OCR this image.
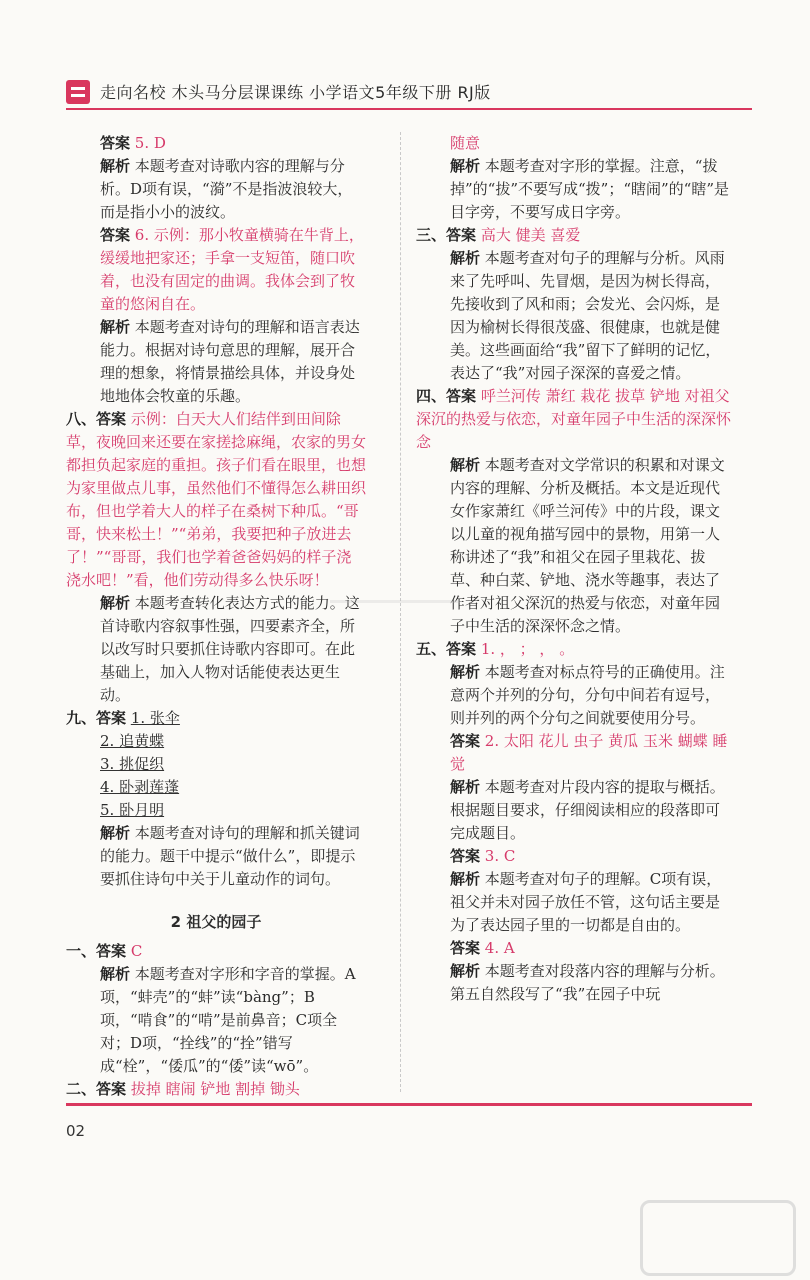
走向名校 木头马分层课课练 小学语文5年级下册 RJ版

答案 5. D

解析 本题考查对诗歌内容的理解与分析。D项有误，“漪”不是指波浪较大，而是指小小的波纹。

答案 6. 示例：那小牧童横骑在牛背上，缓缓地把家还；手拿一支短笛，随口吹着，也没有固定的曲调。我体会到了牧童的悠闲自在。

解析 本题考查对诗句的理解和语言表达能力。根据对诗句意思的理解，展开合理的想象，将情景描绘具体，并设身处地地体会牧童的乐趣。

八、答案 示例：白天大人们结伴到田间除草，夜晚回来还要在家搓捻麻绳，农家的男女都担负起家庭的重担。孩子们看在眼里，也想为家里做点儿事，虽然他们不懂得怎么耕田织布，但也学着大人的样子在桑树下种瓜。“哥哥，快来松土！”“弟弟，我要把种子放进去了！”“哥哥，我们也学着爸爸妈妈的样子浇浇水吧！”看，他们劳动得多么快乐呀！

解析 本题考查转化表达方式的能力。这首诗歌内容叙事性强，四要素齐全，所以改写时只要抓住诗歌内容即可。在此基础上，加入人物对话能使表达更生动。

九、答案 1. 张伞

2. 追黄蝶

3. 挑促织

4. 卧剥莲蓬

5. 卧月明

解析 本题考查对诗句的理解和抓关键词的能力。题干中提示“做什么”，即提示要抓住诗句中关于儿童动作的词句。

2 祖父的园子

一、答案 C

解析 本题考查对字形和字音的掌握。A项，“蚌壳”的“蚌”读“bàng”；B项，“啃食”的“啃”是前鼻音；C项全对；D项，“拴线”的“拴”错写成“栓”，“倭瓜”的“倭”读“wō”。

二、答案 拔掉 瞎闹 铲地 割掉 锄头

随意

解析 本题考查对字形的掌握。注意，“拔掉”的“拔”不要写成“拨”；“瞎闹”的“瞎”是目字旁，不要写成日字旁。

三、答案 高大 健美 喜爱

解析 本题考查对句子的理解与分析。风雨来了先呼叫、先冒烟，是因为树长得高，先接收到了风和雨；会发光、会闪烁，是因为榆树长得很茂盛、很健康，也就是健美。这些画面给“我”留下了鲜明的记忆，表达了“我”对园子深深的喜爱之情。

四、答案 呼兰河传 萧红 栽花 拔草 铲地 对祖父深沉的热爱与依恋，对童年园子中生活的深深怀念

解析 本题考查对文学常识的积累和对课文内容的理解、分析及概括。本文是近现代女作家萧红《呼兰河传》中的片段，课文以儿童的视角描写园中的景物，用第一人称讲述了“我”和祖父在园子里栽花、拔草、种白菜、铲地、浇水等趣事，表达了作者对祖父深沉的热爱与依恋，对童年园子中生活的深深怀念之情。

五、答案 1. ， ； ， 。

解析 本题考查对标点符号的正确使用。注意两个并列的分句，分句中间若有逗号，则并列的两个分句之间就要使用分号。

答案 2. 太阳 花儿 虫子 黄瓜 玉米 蝴蝶 睡觉

解析 本题考查对片段内容的提取与概括。根据题目要求，仔细阅读相应的段落即可完成题目。

答案 3. C

解析 本题考查对句子的理解。C项有误，祖父并未对园子放任不管，这句话主要是为了表达园子里的一切都是自由的。

答案 4. A

解析 本题考查对段落内容的理解与分析。第五自然段写了“我”在园子中玩

02
